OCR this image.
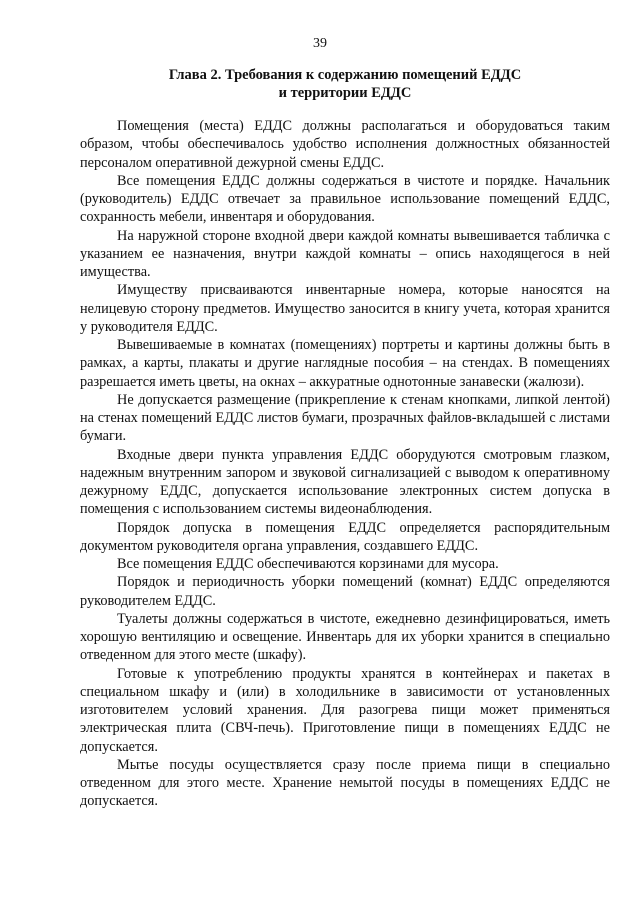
39
Глава 2. Требования к содержанию помещений ЕДДС
и территории ЕДДС

Помещения (места) ЕДДС должны располагаться и оборудоваться таким образом, чтобы обеспечивалось удобство исполнения должностных обязанностей персоналом оперативной дежурной смены ЕДДС.

Все помещения ЕДДС должны содержаться в чистоте и порядке. Начальник (руководитель) ЕДДС отвечает за правильное использование помещений ЕДДС, сохранность мебели, инвентаря и оборудования.

На наружной стороне входной двери каждой комнаты вывешивается табличка с указанием ее назначения, внутри каждой комнаты – опись находящегося в ней имущества.

Имуществу присваиваются инвентарные номера, которые наносятся на нелицевую сторону предметов. Имущество заносится в книгу учета, которая хранится у руководителя ЕДДС.

Вывешиваемые в комнатах (помещениях) портреты и картины должны быть в рамках, а карты, плакаты и другие наглядные пособия – на стендах. В помещениях разрешается иметь цветы, на окнах – аккуратные однотонные занавески (жалюзи).

Не допускается размещение (прикрепление к стенам кнопками, липкой лентой) на стенах помещений ЕДДС листов бумаги, прозрачных файлов-вкладышей с листами бумаги.

Входные двери пункта управления ЕДДС оборудуются смотровым глазком, надежным внутренним запором и звуковой сигнализацией с выводом к оперативному дежурному ЕДДС, допускается использование электронных систем допуска в помещения с использованием системы видеонаблюдения.

Порядок допуска в помещения ЕДДС определяется распорядительным документом руководителя органа управления, создавшего ЕДДС.

Все помещения ЕДДС обеспечиваются корзинами для мусора.

Порядок и периодичность уборки помещений (комнат) ЕДДС определяются руководителем ЕДДС.

Туалеты должны содержаться в чистоте, ежедневно дезинфицироваться, иметь хорошую вентиляцию и освещение. Инвентарь для их уборки хранится в специально отведенном для этого месте (шкафу).

Готовые к употреблению продукты хранятся в контейнерах и пакетах в специальном шкафу и (или) в холодильнике в зависимости от установленных изготовителем условий хранения. Для разогрева пищи может применяться электрическая плита (СВЧ-печь). Приготовление пищи в помещениях ЕДДС не допускается.

Мытье посуды осуществляется сразу после приема пищи в специально отведенном для этого месте. Хранение немытой посуды в помещениях ЕДДС не допускается.
